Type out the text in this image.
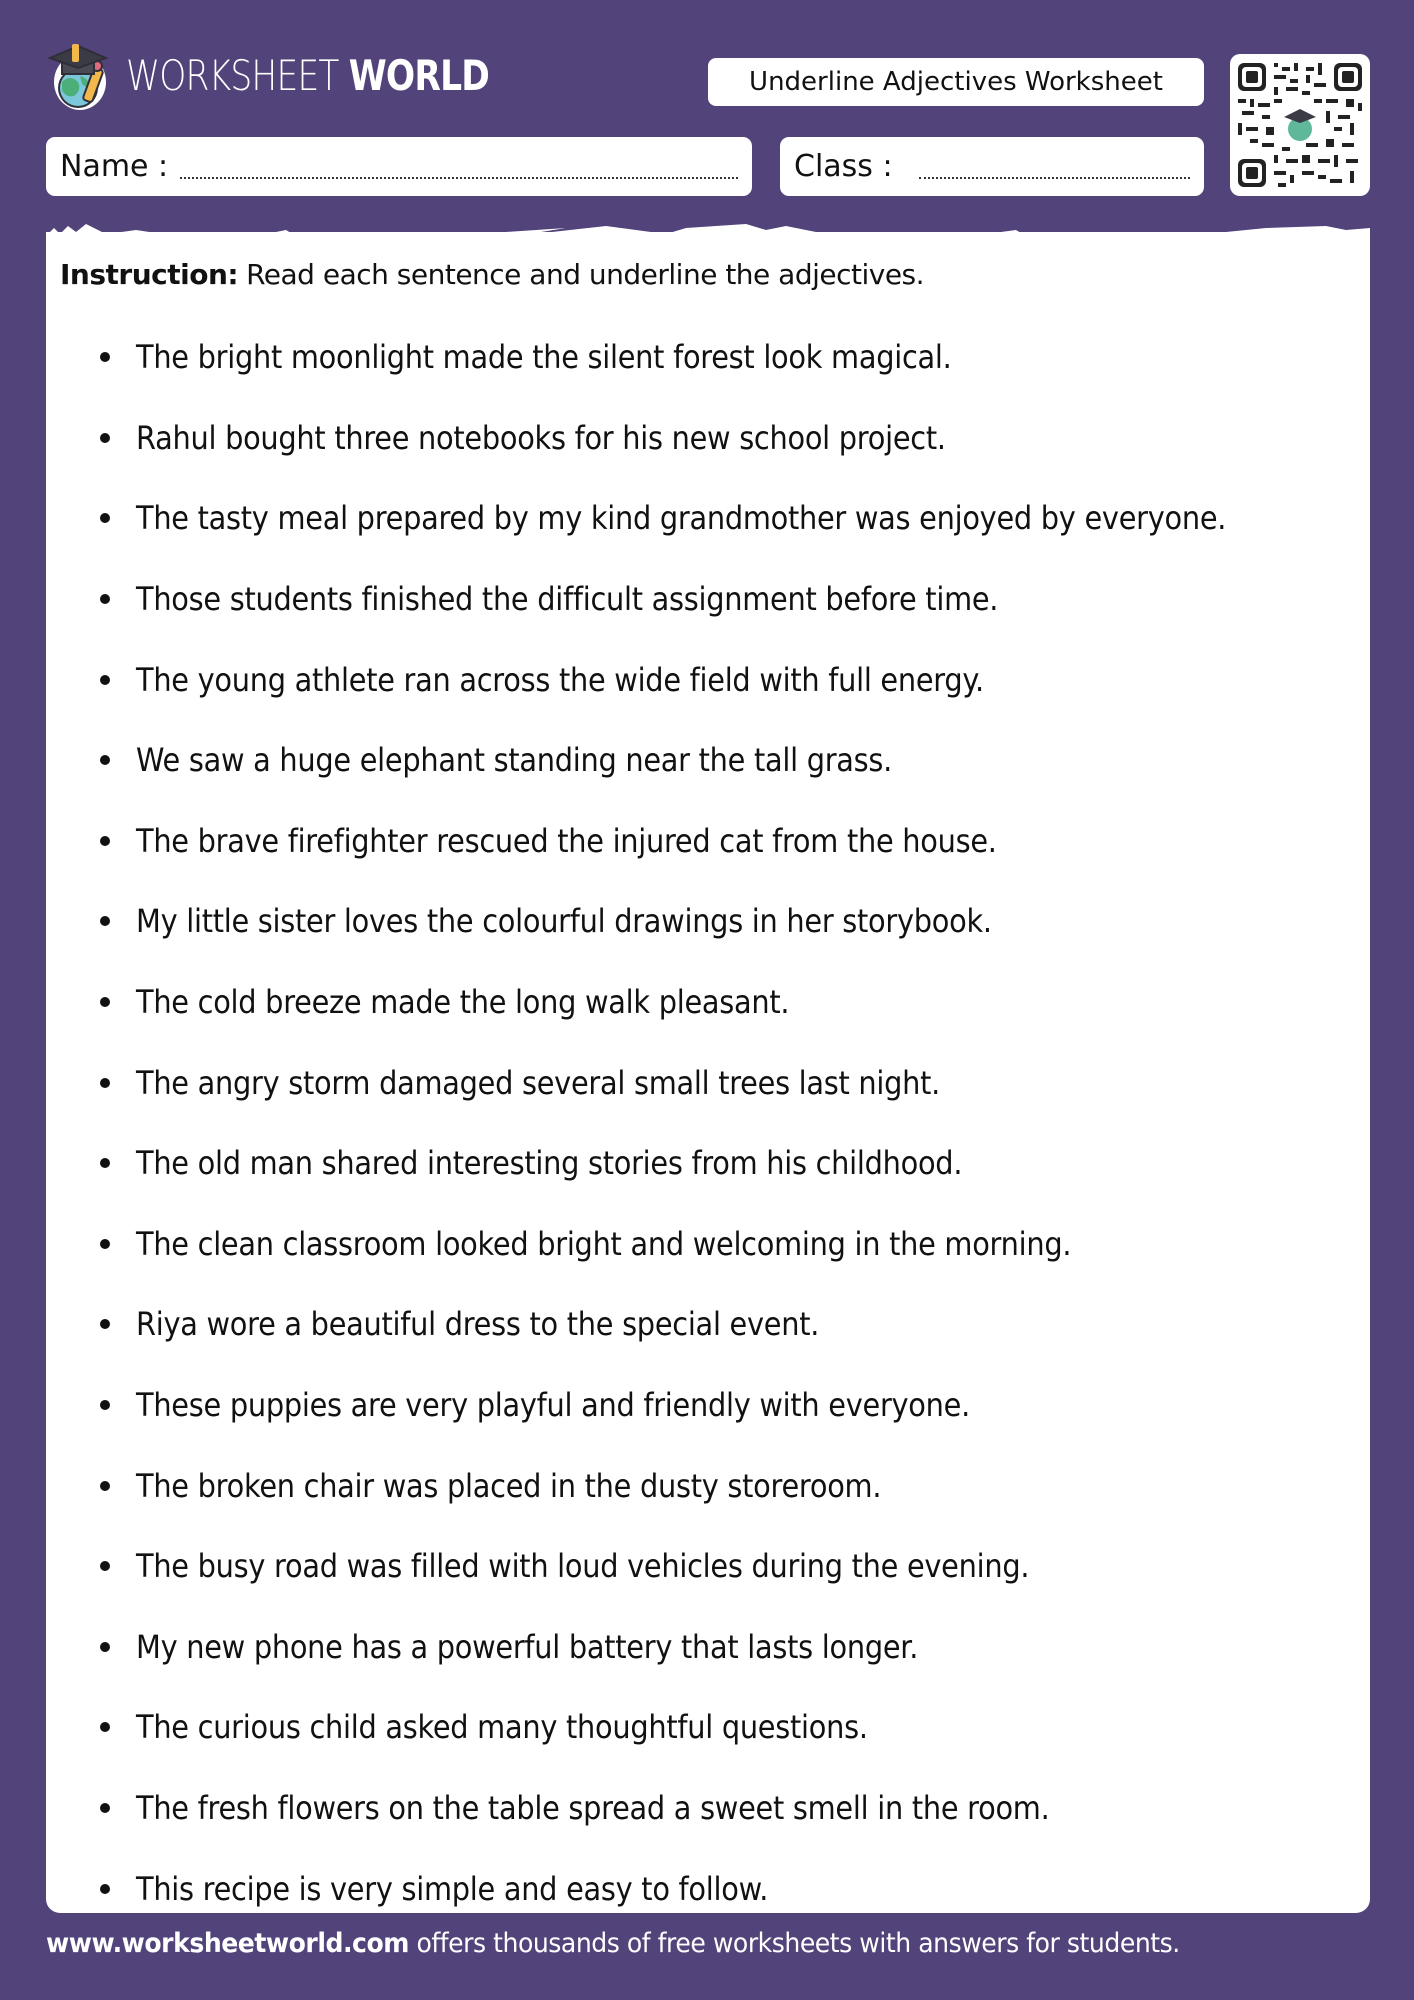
WORKSHEET WORLD	Underline Adjectives Worksheet
Name :	Class :
Instruction: Read each sentence and underline the adjectives.
The bright moonlight made the silent forest look magical.
Rahul bought three notebooks for his new school project.
The tasty meal prepared by my kind grandmother was enjoyed by everyone.
Those students finished the difficult assignment before time.
The young athlete ran across the wide field with full energy.
We saw a huge elephant standing near the tall grass.
The brave firefighter rescued the injured cat from the house.
My little sister loves the colourful drawings in her storybook.
The cold breeze made the long walk pleasant.
The angry storm damaged several small trees last night.
The old man shared interesting stories from his childhood.
The clean classroom looked bright and welcoming in the morning.
Riya wore a beautiful dress to the special event.
These puppies are very playful and friendly with everyone.
The broken chair was placed in the dusty storeroom.
The busy road was filled with loud vehicles during the evening.
My new phone has a powerful battery that lasts longer.
The curious child asked many thoughtful questions.
The fresh flowers on the table spread a sweet smell in the room.
This recipe is very simple and easy to follow.
www.worksheetworld.com offers thousands of free worksheets with answers for students.
